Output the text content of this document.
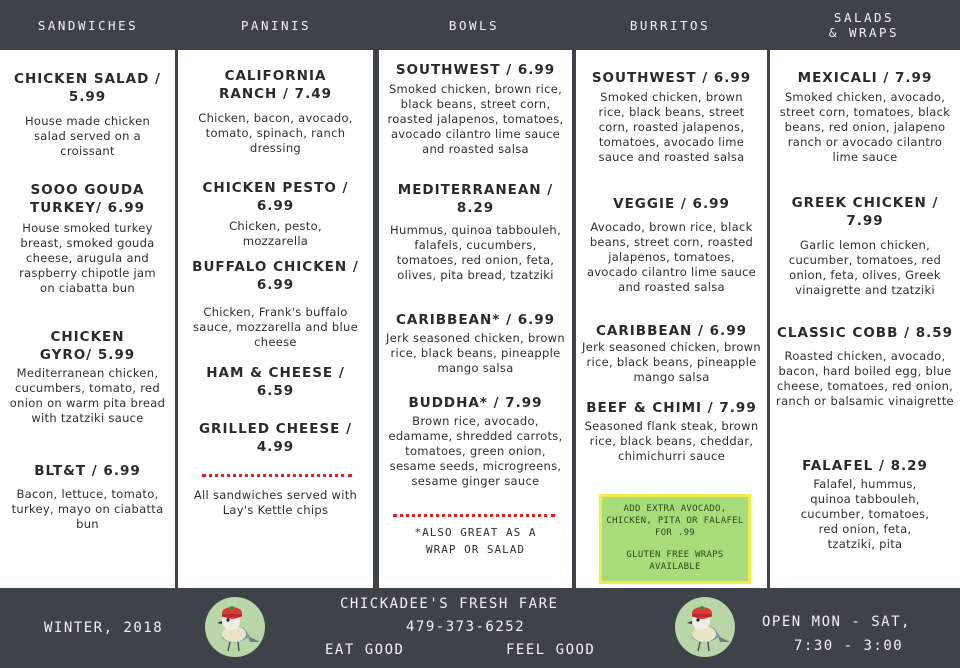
SANDWICHES	PANINIS	BOWLS	BURRITOS	SALADS
& WRAPS
CHICKEN SALAD / 5.99
House made chicken salad served on a croissant
SOOO GOUDA TURKEY/ 6.99
House smoked turkey breast, smoked gouda cheese, arugula and raspberry chipotle jam on ciabatta bun
CHICKEN GYRO/ 5.99
Mediterranean chicken, cucumbers, tomato, red onion on warm pita bread with tzatziki sauce
BLT&T / 6.99
Bacon, lettuce, tomato, turkey, mayo on ciabatta bun
CALIFORNIA RANCH / 7.49
Chicken, bacon, avocado, tomato, spinach, ranch dressing
CHICKEN PESTO / 6.99
Chicken, pesto, mozzarella
BUFFALO CHICKEN / 6.99
Chicken, Frank's buffalo sauce, mozzarella and blue cheese
HAM & CHEESE / 6.59
GRILLED CHEESE / 4.99
All sandwiches served with Lay's Kettle chips
SOUTHWEST / 6.99
Smoked chicken, brown rice, black beans, street corn, roasted jalapenos, tomatoes, avocado cilantro lime sauce and roasted salsa
MEDITERRANEAN / 8.29
Hummus, quinoa tabbouleh, falafels, cucumbers, tomatoes, red onion, feta, olives, pita bread, tzatziki
CARIBBEAN* / 6.99
Jerk seasoned chicken, brown rice, black beans, pineapple mango salsa
BUDDHA* / 7.99
Brown rice, avocado, edamame, shredded carrots, tomatoes, green onion, sesame seeds, microgreens, sesame ginger sauce
*ALSO GREAT AS A WRAP OR SALAD
SOUTHWEST / 6.99
Smoked chicken, brown rice, black beans, street corn, roasted jalapenos, tomatoes, avocado lime sauce and roasted salsa
VEGGIE / 6.99
Avocado, brown rice, black beans, street corn, roasted jalapenos, tomatoes, avocado cilantro lime sauce and roasted salsa
CARIBBEAN / 6.99
Jerk seasoned chicken, brown rice, black beans, pineapple mango salsa
BEEF & CHIMI / 7.99
Seasoned flank steak, brown rice, black beans, cheddar, chimichurri sauce

ADD EXTRA AVOCADO, CHICKEN, PITA OR FALAFEL FOR .99

GLUTEN FREE WRAPS AVAILABLE

MEXICALI / 7.99
Smoked chicken, avocado, street corn, tomatoes, black beans, red onion, jalapeno ranch or avocado cilantro lime sauce
GREEK CHICKEN / 7.99
Garlic lemon chicken, cucumber, tomatoes, red onion, feta, olives, Greek vinaigrette and tzatziki
CLASSIC COBB / 8.59
Roasted chicken, avocado, bacon, hard boiled egg, blue cheese, tomatoes, red onion, ranch or balsamic vinaigrette
FALAFEL / 8.29
Falafel, hummus, quinoa tabbouleh, cucumber, tomatoes, red onion, feta, tzatziki, pita
WINTER, 2018
CHICKADEE'S FRESH FARE
479-373-6252
EAT GOOD	FEEL GOOD
OPEN MON - SAT,
7:30 - 3:00
